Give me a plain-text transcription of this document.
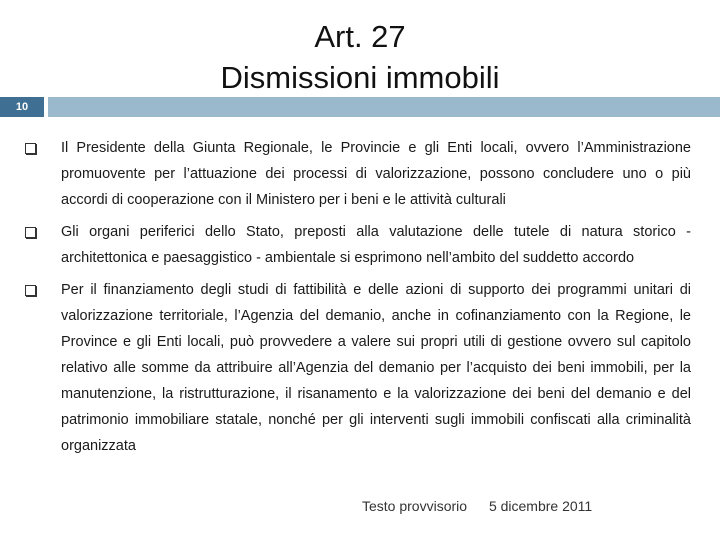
Art. 27
Dismissioni immobili
10
Il Presidente della Giunta Regionale, le Provincie e gli Enti locali, ovvero l’Amministrazione promuovente per l’attuazione dei processi di valorizzazione, possono concludere uno o più accordi di cooperazione con il Ministero per i beni e le attività culturali
Gli organi periferici dello Stato, preposti alla valutazione delle tutele di natura storico - architettonica e paesaggistico - ambientale si esprimono nell’ambito del suddetto accordo
Per il finanziamento degli studi di fattibilità e delle azioni di supporto dei programmi unitari di valorizzazione territoriale, l’Agenzia del demanio, anche in cofinanziamento con la Regione, le Province e gli Enti locali, può provvedere a valere sui propri utili di gestione ovvero sul capitolo relativo alle somme da attribuire all’Agenzia del demanio per l’acquisto dei beni immobili, per la manutenzione, la ristrutturazione, il risanamento e la valorizzazione dei beni del demanio e del patrimonio immobiliare statale, nonché per gli interventi sugli immobili confiscati alla criminalità organizzata
Testo provvisorio 5 dicembre 2011
